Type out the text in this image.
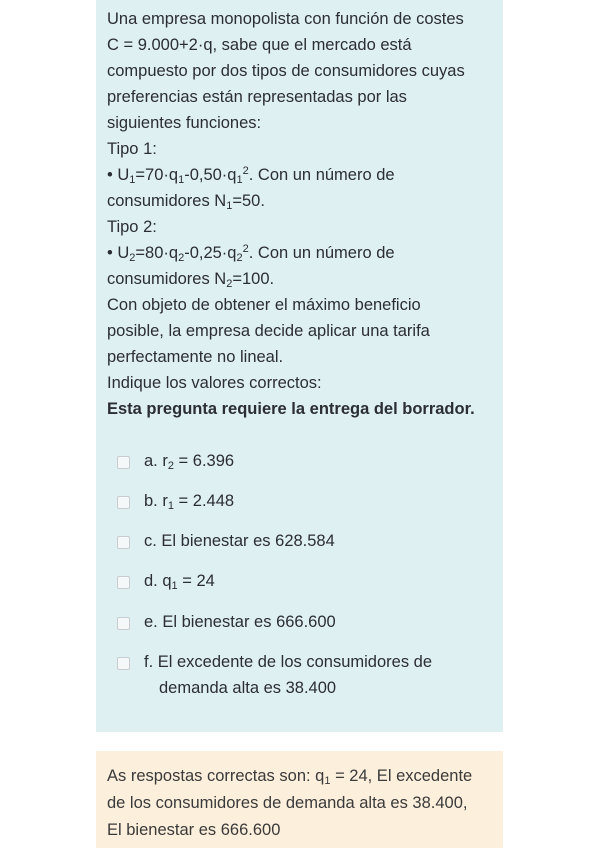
Una empresa monopolista con función de costes
C = 9.000+2·q, sabe que el mercado está
compuesto por dos tipos de consumidores cuyas
preferencias están representadas por las
siguientes funciones:
Tipo 1:
• $U_1=70\cdot q_1-0,50\cdot q_1^2$. Con un número de
consumidores $N_1=50$.
Tipo 2:
• $U_2=80\cdot q_2-0,25\cdot q_2^2$. Con un número de
consumidores $N_2=100$.
Con objeto de obtener el máximo beneficio
posible, la empresa decide aplicar una tarifa
perfectamente no lineal.
Indique los valores correctos:
Esta pregunta requiere la entrega del borrador.
a. $r_2 = 6.396$
b. $r_1 = 2.448$
c. El bienestar es 628.584
d. $q_1 = 24$
e. El bienestar es 666.600
f. El excedente de los consumidores de
demanda alta es 38.400
As respostas correctas son: $q_1 = 24$, El excedente
de los consumidores de demanda alta es 38.400,
El bienestar es 666.600
